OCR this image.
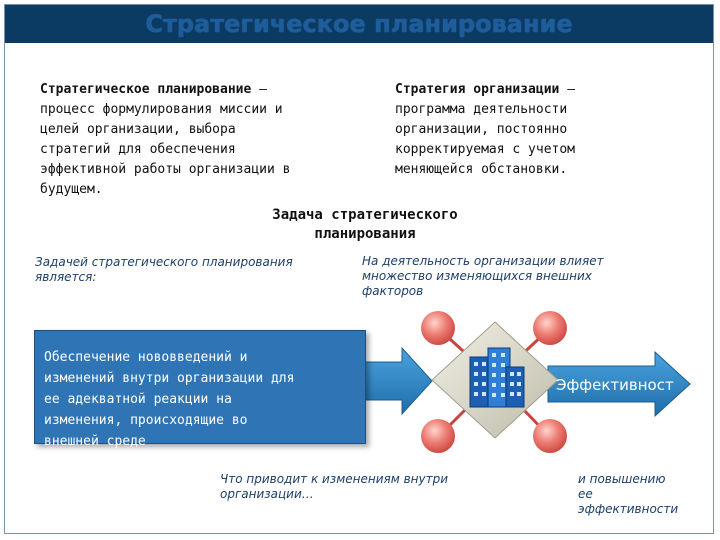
Стратегическое планирование
Стратегическое планирование –
процесс формулирования миссии и
целей организации, выбора
стратегий для обеспечения
эффективной работы организации в
будущем.
Стратегия организации –
программа деятельности
организации, постоянно
корректируемая с учетом
меняющейся обстановки.
Задача стратегического планирования
Задачей стратегического планирования
является:
На деятельность организации влияет
множество изменяющихся внешних
факторов
Обеспечение нововведений и
изменений внутри организации для
ее адекватной реакции на
изменения, происходящие во
внешней среде
Эффективност
ь
Что приводит к изменениям внутри
организации…
и повышению
ее
эффективности
